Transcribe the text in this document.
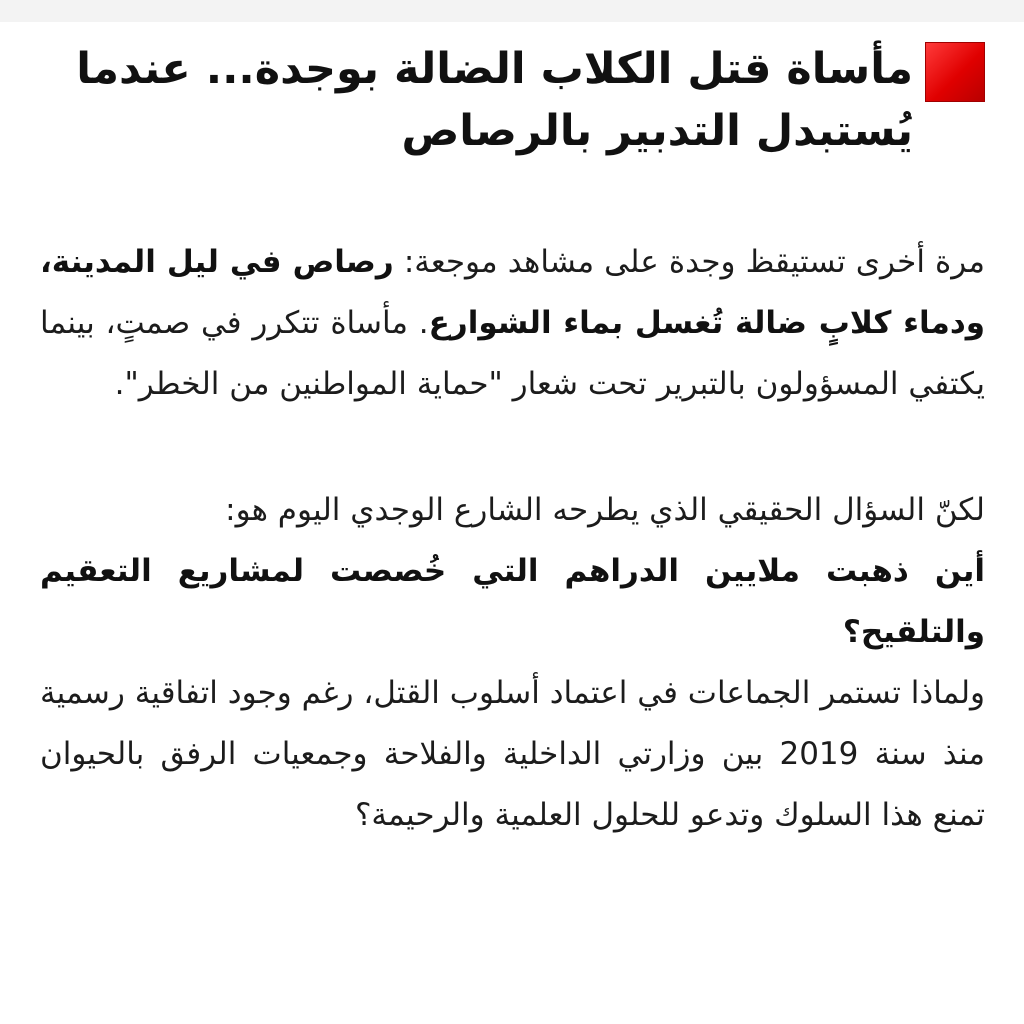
مأساة قتل الكلاب الضالة بوجدة... عندما يُستبدل التدبير بالرصاص

مرة أخرى تستيقظ وجدة على مشاهد موجعة: رصاص في ليل المدينة، ودماء كلابٍ ضالة تُغسل بماء الشوارع. مأساة تتكرر في صمتٍ، بينما يكتفي المسؤولون بالتبرير تحت شعار "حماية المواطنين من الخطر".

لكنّ السؤال الحقيقي الذي يطرحه الشارع الوجدي اليوم هو:
أين ذهبت ملايين الدراهم التي خُصصت لمشاريع التعقيم والتلقيح؟
ولماذا تستمر الجماعات في اعتماد أسلوب القتل، رغم وجود اتفاقية رسمية منذ سنة 2019 بين وزارتي الداخلية والفلاحة وجمعيات الرفق بالحيوان تمنع هذا السلوك وتدعو للحلول العلمية والرحيمة؟
